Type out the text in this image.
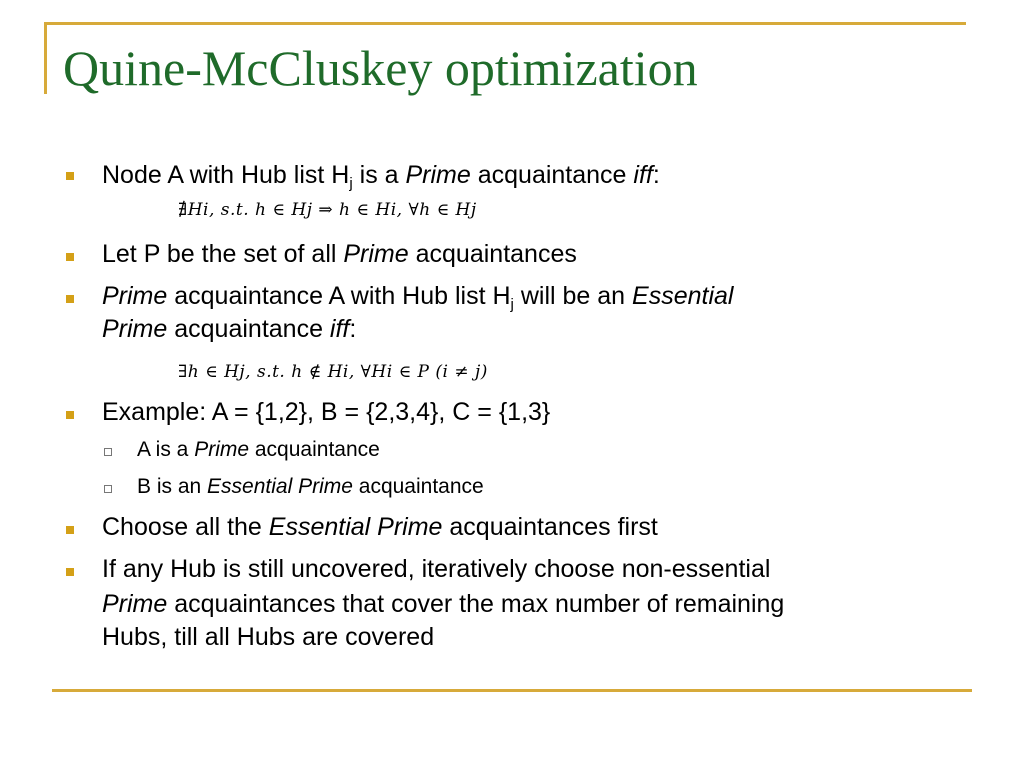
Quine-McCluskey optimization
Node A with Hub list $H_j$ is a Prime acquaintance iff:
∄Hi, s.t. h ∈ Hj ⇒ h ∈ Hi, ∀h ∈ Hj
Let P be the set of all Prime acquaintances
Prime acquaintance A with Hub list $H_j$ will be an Essential
Prime acquaintance iff:
∃h ∈ Hj, s.t. h ∉ Hi, ∀Hi ∈ P (i ≠ j)
Example: A = {1,2}, B = {2,3,4}, C = {1,3}
A is a Prime acquaintance
B is an Essential Prime acquaintance
Choose all the Essential Prime acquaintances first
If any Hub is still uncovered, iteratively choose non-essential
Prime acquaintances that cover the max number of remaining
Hubs, till all Hubs are covered
